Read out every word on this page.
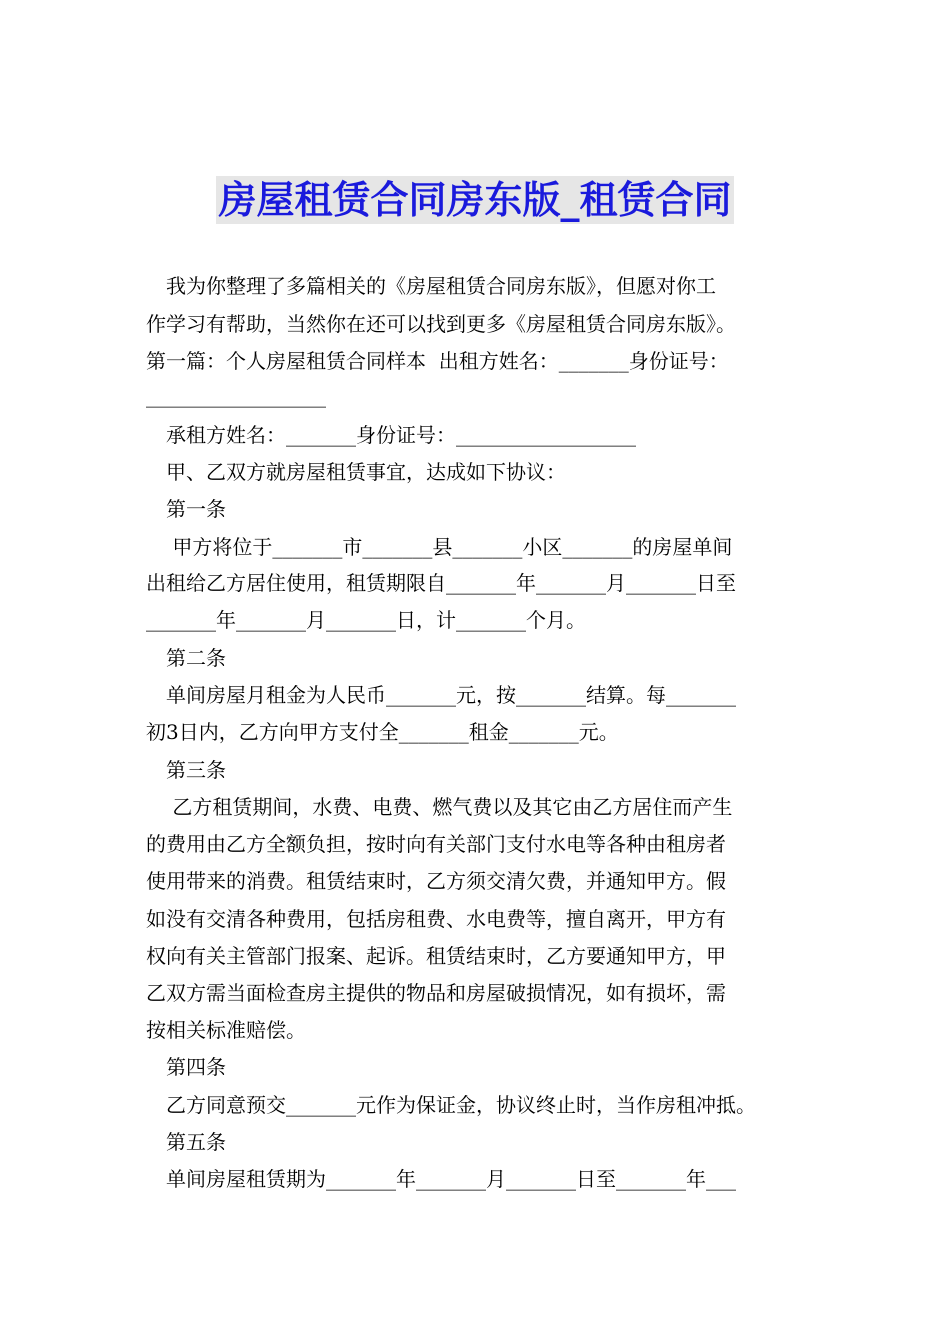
房屋租赁合同房东版_租赁合同
我为你整理了多篇相关的《房屋租赁合同房东版》，但愿对你工
作学习有帮助，当然你在还可以找到更多《房屋租赁合同房东版》。
第一篇：个人房屋租赁合同样本  出租方姓名：_______身份证号：
__________________
承租方姓名：_______身份证号：__________________
甲、乙双方就房屋租赁事宜，达成如下协议：
第一条
甲方将位于_______市_______县_______小区_______的房屋单间
出租给乙方居住使用，租赁期限自_______年_______月_______日至
_______年_______月_______日，计_______个月。
第二条
单间房屋月租金为人民币_______元，按_______结算。每_______
初3日内，乙方向甲方支付全_______租金_______元。
第三条
乙方租赁期间，水费、电费、燃气费以及其它由乙方居住而产生
的费用由乙方全额负担，按时向有关部门支付水电等各种由租房者
使用带来的消费。租赁结束时，乙方须交清欠费，并通知甲方。假
如没有交清各种费用，包括房租费、水电费等，擅自离开，甲方有
权向有关主管部门报案、起诉。租赁结束时，乙方要通知甲方，甲
乙双方需当面检查房主提供的物品和房屋破损情况，如有损坏，需
按相关标准赔偿。
第四条
乙方同意预交_______元作为保证金，协议终止时，当作房租冲抵。
第五条
单间房屋租赁期为_______年_______月_______日至_______年___
